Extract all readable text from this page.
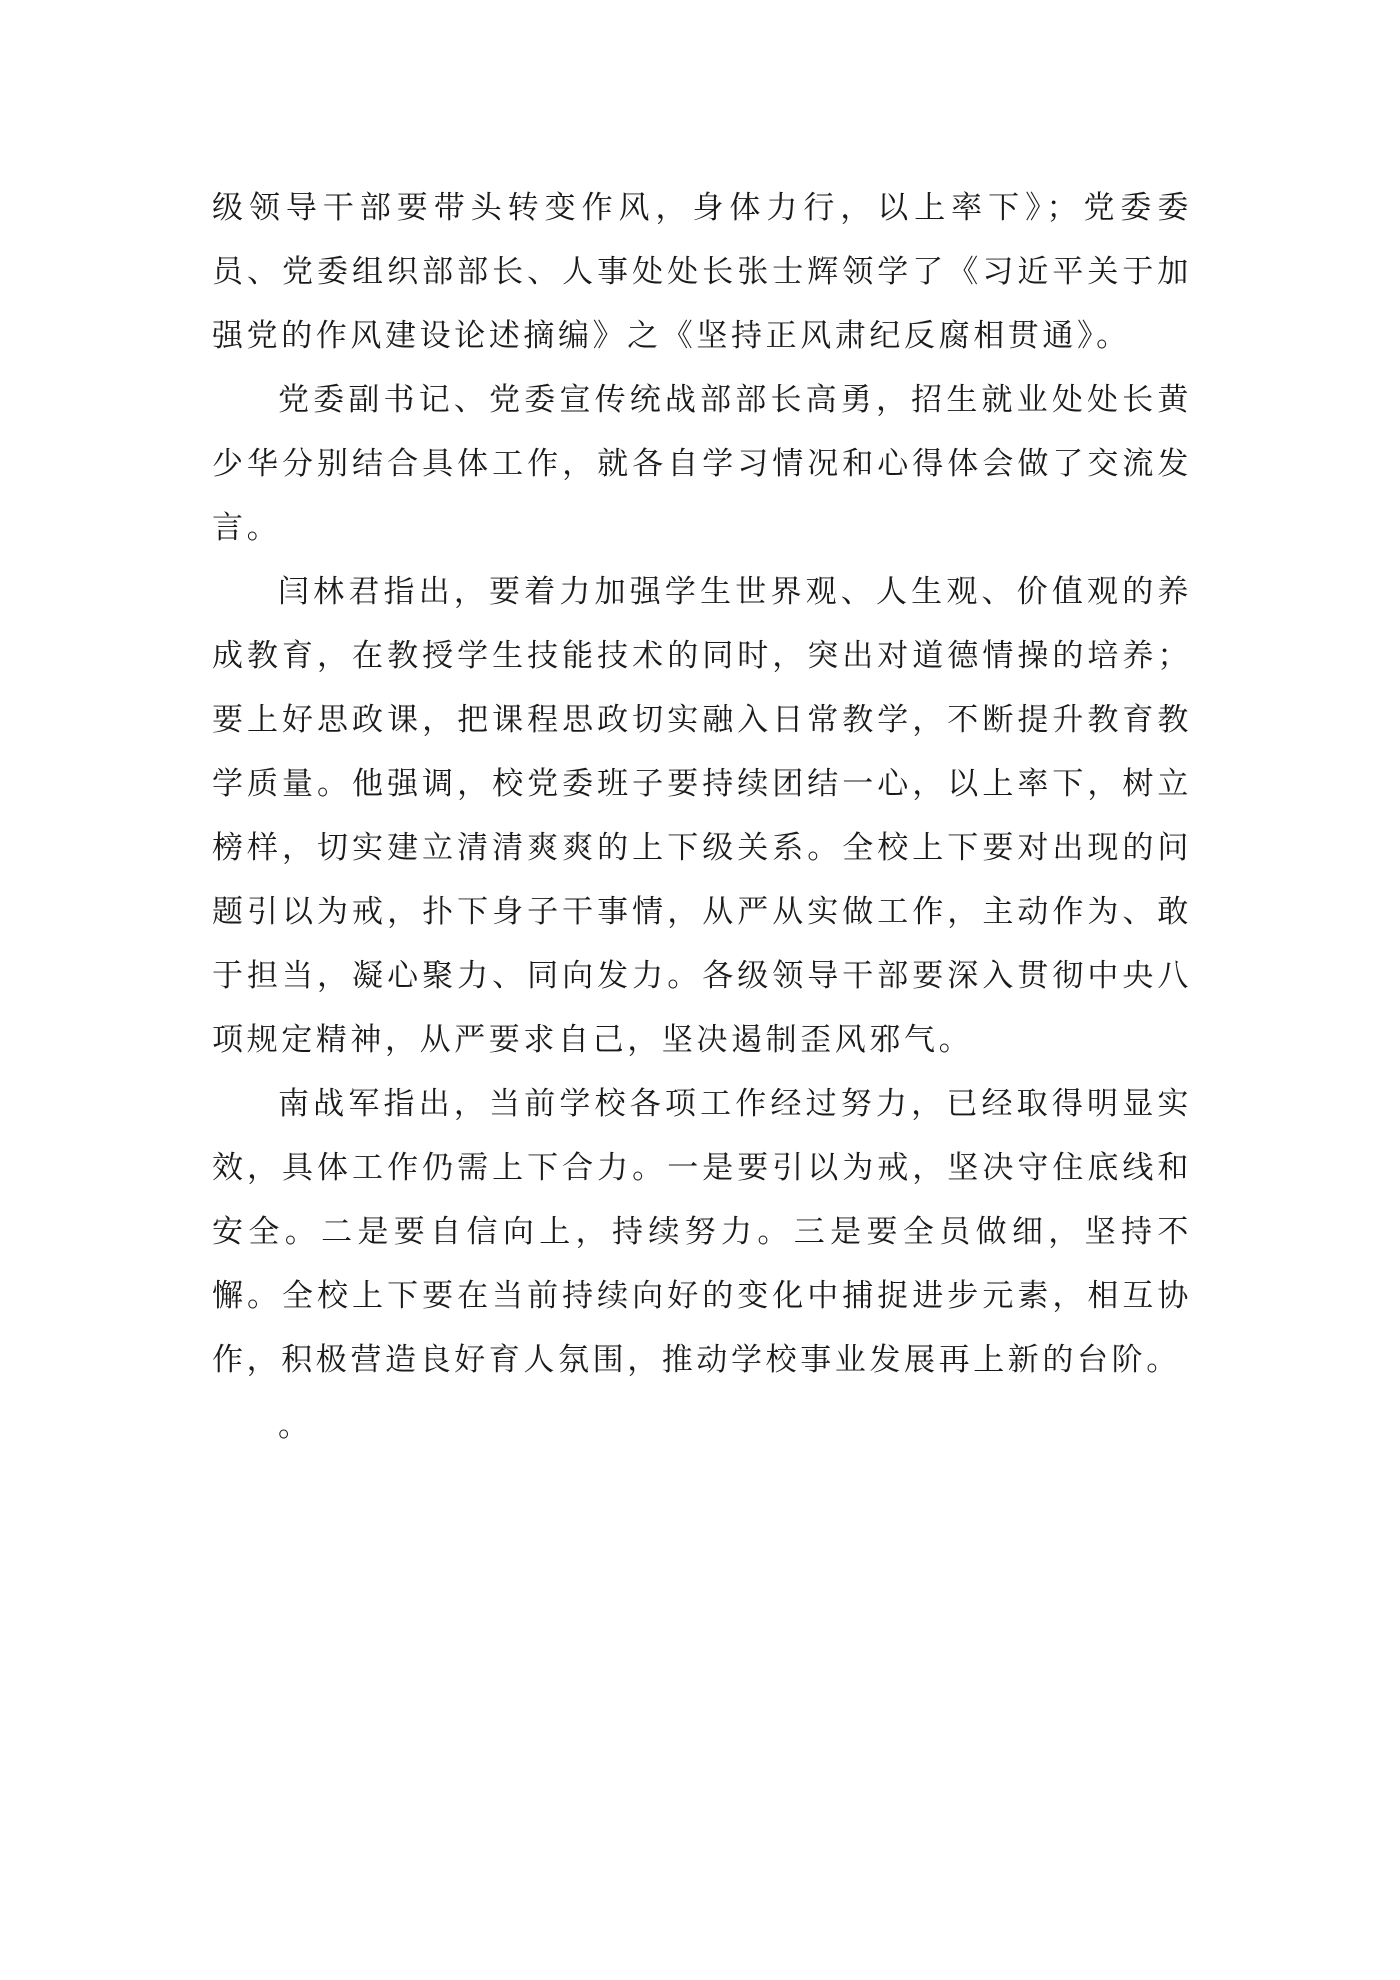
级领导干部要带头转变作风，身体力行，以上率下》；党委委员、党委组织部部长、人事处处长张士辉领学了《习近平关于加强党的作风建设论述摘编》之《坚持正风肃纪反腐相贯通》。

党委副书记、党委宣传统战部部长高勇，招生就业处处长黄少华分别结合具体工作，就各自学习情况和心得体会做了交流发言。

闫林君指出，要着力加强学生世界观、人生观、价值观的养成教育，在教授学生技能技术的同时，突出对道德情操的培养；要上好思政课，把课程思政切实融入日常教学，不断提升教育教学质量。他强调，校党委班子要持续团结一心，以上率下，树立榜样，切实建立清清爽爽的上下级关系。全校上下要对出现的问题引以为戒，扑下身子干事情，从严从实做工作，主动作为、敢于担当，凝心聚力、同向发力。各级领导干部要深入贯彻中央八项规定精神，从严要求自己，坚决遏制歪风邪气。

南战军指出，当前学校各项工作经过努力，已经取得明显实效，具体工作仍需上下合力。一是要引以为戒，坚决守住底线和安全。二是要自信向上，持续努力。三是要全员做细，坚持不懈。全校上下要在当前持续向好的变化中捕捉进步元素，相互协作，积极营造良好育人氛围，推动学校事业发展再上新的台阶。

。
